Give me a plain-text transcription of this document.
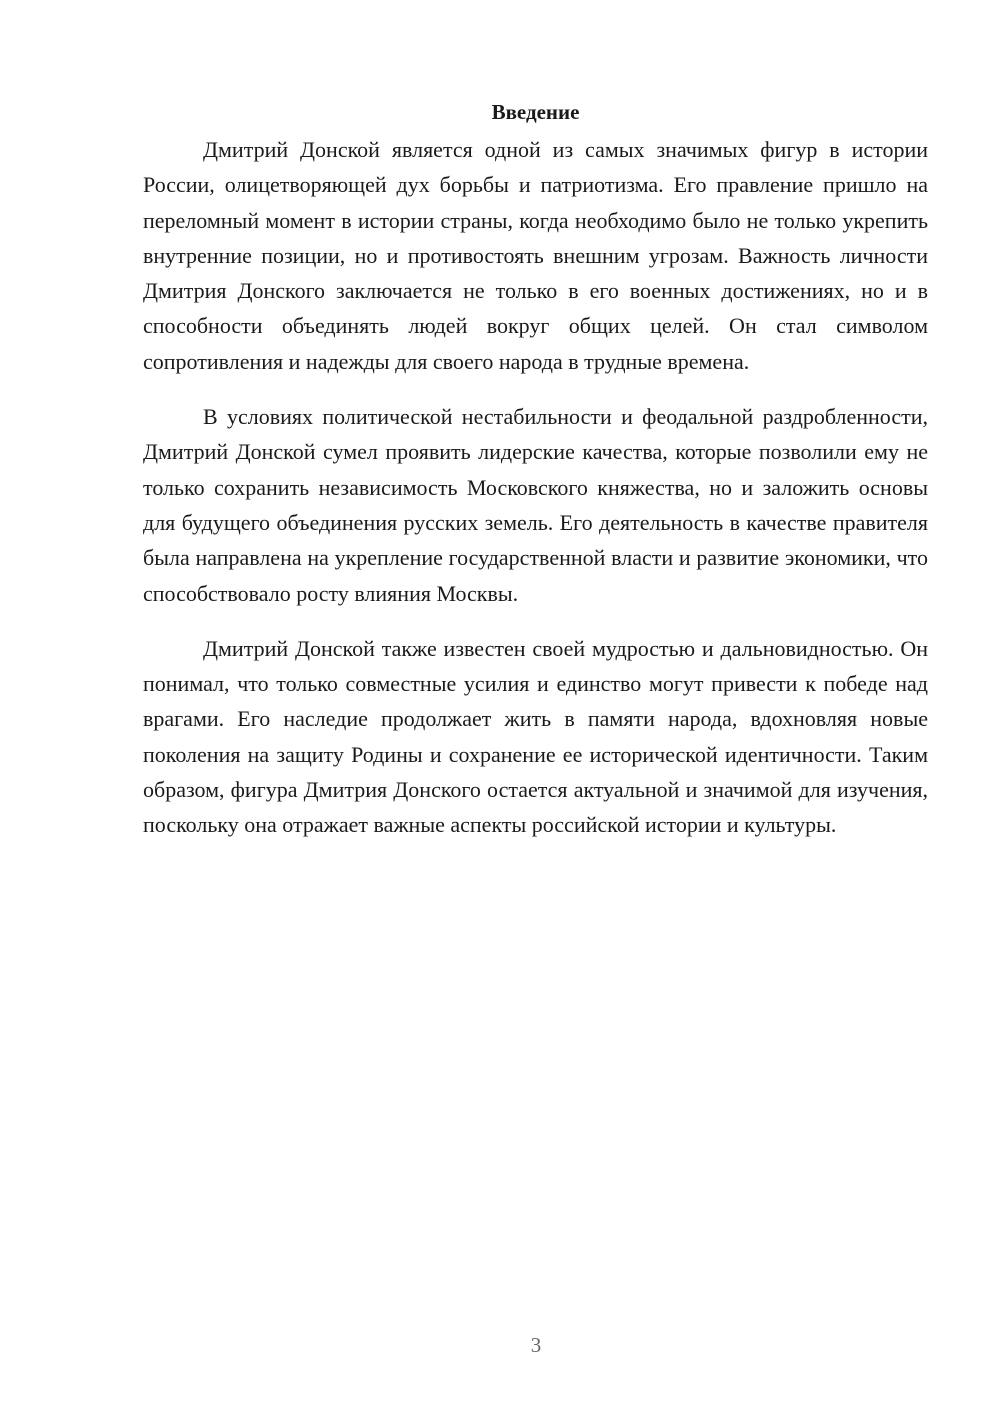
Введение

Дмитрий Донской является одной из самых значимых фигур в истории России, олицетворяющей дух борьбы и патриотизма. Его правление пришло на переломный момент в истории страны, когда необходимо было не только укрепить внутренние позиции, но и противостоять внешним угрозам. Важность личности Дмитрия Донского заключается не только в его военных достижениях, но и в способности объединять людей вокруг общих целей. Он стал символом сопротивления и надежды для своего народа в трудные времена.

В условиях политической нестабильности и феодальной раздробленности, Дмитрий Донской сумел проявить лидерские качества, которые позволили ему не только сохранить независимость Московского княжества, но и заложить основы для будущего объединения русских земель. Его деятельность в качестве правителя была направлена на укрепление государственной власти и развитие экономики, что способствовало росту влияния Москвы.

Дмитрий Донской также известен своей мудростью и дальновидностью. Он понимал, что только совместные усилия и единство могут привести к победе над врагами. Его наследие продолжает жить в памяти народа, вдохновляя новые поколения на защиту Родины и сохранение ее исторической идентичности. Таким образом, фигура Дмитрия Донского остается актуальной и значимой для изучения, поскольку она отражает важные аспекты российской истории и культуры.

3
